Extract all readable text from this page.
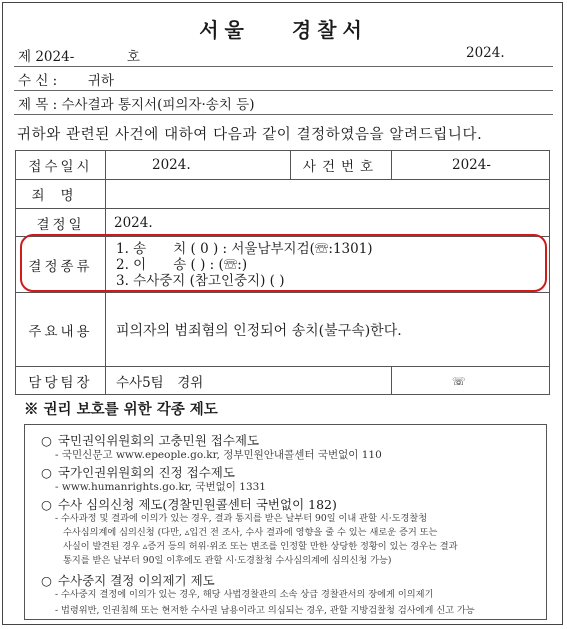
서울 경찰서
제 2024-	호	2024.
수 신 : 귀하
제 목 : 수사결과 통지서(피의자·송치 등)
귀하와 관련된 사건에 대하여 다음과 같이 결정하였음을 알려드립니다.
접수일시	2024.	사건번호	2024-
죄명			
결정일	2024.		
결정종류	1. 송　　치 ( 0 ) : 서울남부지검(☏:1301)
2. 이　　송 ( ) : (☏:)
3. 수사중지 (참고인중지) ( )		

주요내용	피의자의 범죄혐의 인정되어 송치(불구속)한다.		
담당팀장	수사5팀　경위		☏
※ 권리 보호를 위한 각종 제도
○ 국민권익위원회의 고충민원 접수제도
- 국민신문고 www.epeople.go.kr, 정부민원안내콜센터 국번없이 110
○ 국가인권위원회의 진정 접수제도
- www.humanrights.go.kr, 국번없이 1331
○ 수사 심의신청 제도(경찰민원콜센터 국번없이 182)
- 수사과정 및 결과에 이의가 있는 경우, 결과 통지를 받은 날부터 90일 이내 관할 시·도경찰청
수사심의계에 심의신청 (다만, ▵입건 전 조사, 수사 결과에 영향을 줄 수 있는 새로운 증거 또는
사실이 발견된 경우 ▵증거 등의 허위·위조 또는 변조를 인정할 만한 상당한 정황이 있는 경우는 결과
통지를 받은 날부터 90일 이후에도 관할 시·도경찰청 수사심의계에 심의신청 가능)
○ 수사중지 결정 이의제기 제도
- 수사중지 결정에 이의가 있는 경우, 해당 사법경찰관의 소속 상급 경찰관서의 장에게 이의제기
- 법령위반, 인권침해 또는 현저한 수사권 남용이라고 의심되는 경우, 관할 지방검찰청 검사에게 신고 가능
